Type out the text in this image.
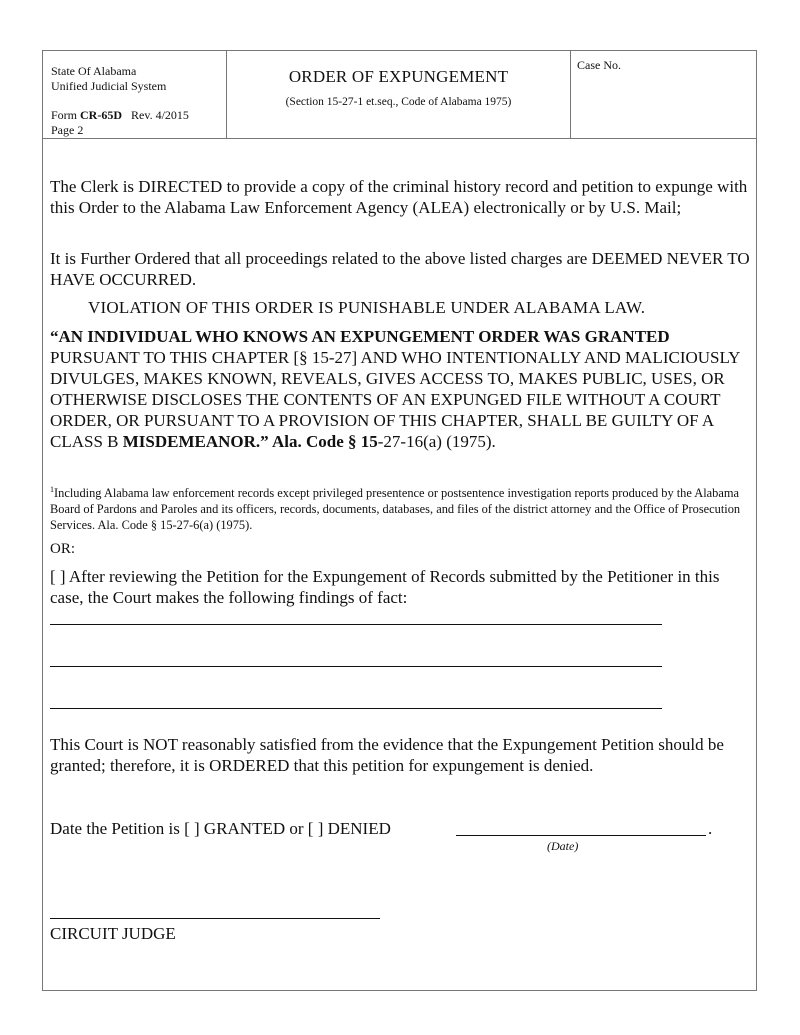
State Of Alabama
Unified Judicial System
Form CR-65D Rev. 4/2015
Page 2
ORDER OF EXPUNGEMENT
(Section 15-27-1 et.seq., Code of Alabama 1975)
Case No.
The Clerk is DIRECTED to provide a copy of the criminal history record and petition to expunge with this Order to the Alabama Law Enforcement Agency (ALEA) electronically or by U.S. Mail;
It is Further Ordered that all proceedings related to the above listed charges are DEEMED NEVER TO HAVE OCCURRED.
VIOLATION OF THIS ORDER IS PUNISHABLE UNDER ALABAMA LAW.
“AN INDIVIDUAL WHO KNOWS AN EXPUNGEMENT ORDER WAS GRANTED PURSUANT TO THIS CHAPTER [§ 15-27] AND WHO INTENTIONALLY AND MALICIOUSLY DIVULGES, MAKES KNOWN, REVEALS, GIVES ACCESS TO, MAKES PUBLIC, USES, OR OTHERWISE DISCLOSES THE CONTENTS OF AN EXPUNGED FILE WITHOUT A COURT ORDER, OR PURSUANT TO A PROVISION OF THIS CHAPTER, SHALL BE GUILTY OF A CLASS B MISDEMEANOR.” Ala. Code § 15-27-16(a) (1975).
$^1$Including Alabama law enforcement records except privileged presentence or postsentence investigation reports produced by the Alabama Board of Pardons and Paroles and its officers, records, documents, databases, and files of the district attorney and the Office of Prosecution Services. Ala. Code § 15-27-6(a) (1975).
OR:
[ ] After reviewing the Petition for the Expungement of Records submitted by the Petitioner in this case, the Court makes the following findings of fact:
This Court is NOT reasonably satisfied from the evidence that the Expungement Petition should be granted; therefore, it is ORDERED that this petition for expungement is denied.
Date the Petition is [ ] GRANTED or [ ] DENIED	.
(Date)
CIRCUIT JUDGE
